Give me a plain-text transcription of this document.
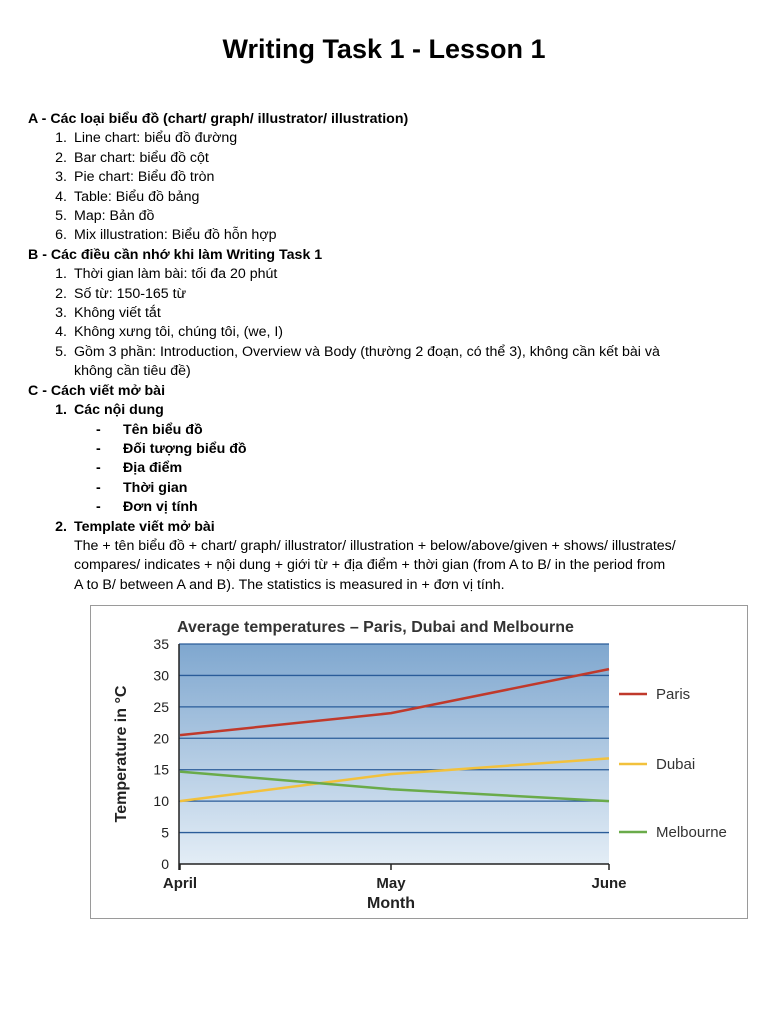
Writing Task 1 - Lesson 1
A - Các loại biểu đồ (chart/ graph/ illustrator/ illustration)
1. Line chart: biểu đồ đường
2. Bar chart: biểu đồ cột
3. Pie chart: Biểu đồ tròn
4. Table: Biểu đồ bảng
5. Map: Bản đồ
6. Mix illustration: Biểu đồ hỗn hợp
B - Các điều cần nhớ khi làm Writing Task 1
1. Thời gian làm bài: tối đa 20 phút
2. Số từ: 150-165 từ
3. Không viết tắt
4. Không xưng tôi, chúng tôi, (we, I)
5. Gồm 3 phần: Introduction, Overview và Body (thường 2 đoạn, có thể 3), không cần kết bài và
không cần tiêu đề)
C - Cách viết mở bài
1. Các nội dung
- Tên biểu đồ
- Đối tượng biểu đồ
- Địa điểm
- Thời gian
- Đơn vị tính
2. Template viết mở bài
The + tên biểu đồ + chart/ graph/ illustrator/ illustration + below/above/given + shows/ illustrates/
compares/ indicates + nội dung + giới từ + địa điểm + thời gian (from A to B/ in the period from
A to B/ between A and B). The statistics is measured in + đơn vị tính.
Average temperatures – Paris, Dubai and Melbourne
0
5
10
15
20
25
30
35
April	May	June
Month
Temperature in °C	Paris
Dubai
Melbourne
